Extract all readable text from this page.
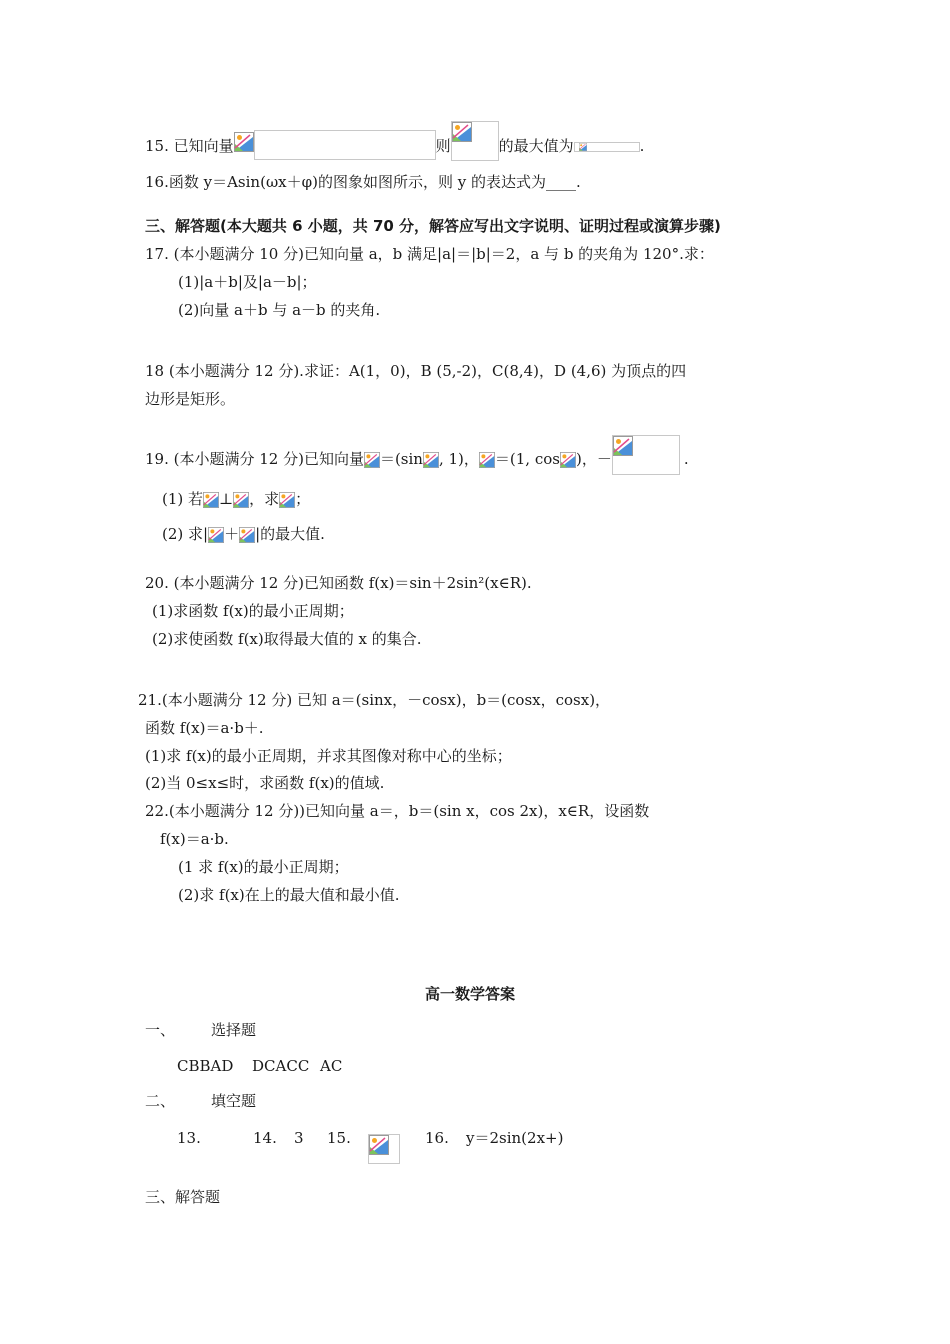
15. 已知向量	则	的最大值为	.
16.函数 y＝Asin(ωx＋φ)的图象如图所示，则 y 的表达式为____.
三、解答题(本大题共 6 小题，共 70 分，解答应写出文字说明、证明过程或演算步骤)
17. (本小题满分 10 分)已知向量 a，b 满足|a|＝|b|＝2，a 与 b 的夹角为 120°.求：
(1)|a＋b|及|a－b|；
(2)向量 a＋b 与 a－b 的夹角.
18 (本小题满分 12 分).求证：A(1，0)，B (5,-2)，C(8,4)，D (4,6) 为顶点的四
边形是矩形。
19. (本小题满分 12 分)已知向量 ＝(sin , 1)， ＝(1, cos )，－	.
(1) 若 ⊥ ，求 ；
(2) 求| ＋ |的最大值.
20. (本小题满分 12 分)已知函数 f(x)＝sin＋2sin²(x∈R).
(1)求函数 f(x)的最小正周期；
(2)求使函数 f(x)取得最大值的 x 的集合.
21.(本小题满分 12 分) 已知 a＝(sinx，－cosx)，b＝(cosx，cosx)，
函数 f(x)＝a·b＋.
(1)求 f(x)的最小正周期，并求其图像对称中心的坐标；
(2)当 0≤x≤时，求函数 f(x)的值域.
22.(本小题满分 12 分))已知向量 a＝，b＝(sin x，cos 2x)，x∈R，设函数
f(x)＝a·b.
(1 求 f(x)的最小正周期；
(2)求 f(x)在上的最大值和最小值.
高一数学答案
一、 选择题
CBBAD DCACC AC
二、 填空题
13.	14. 3 15.	16. y＝2sin(2x+)
三、解答题
